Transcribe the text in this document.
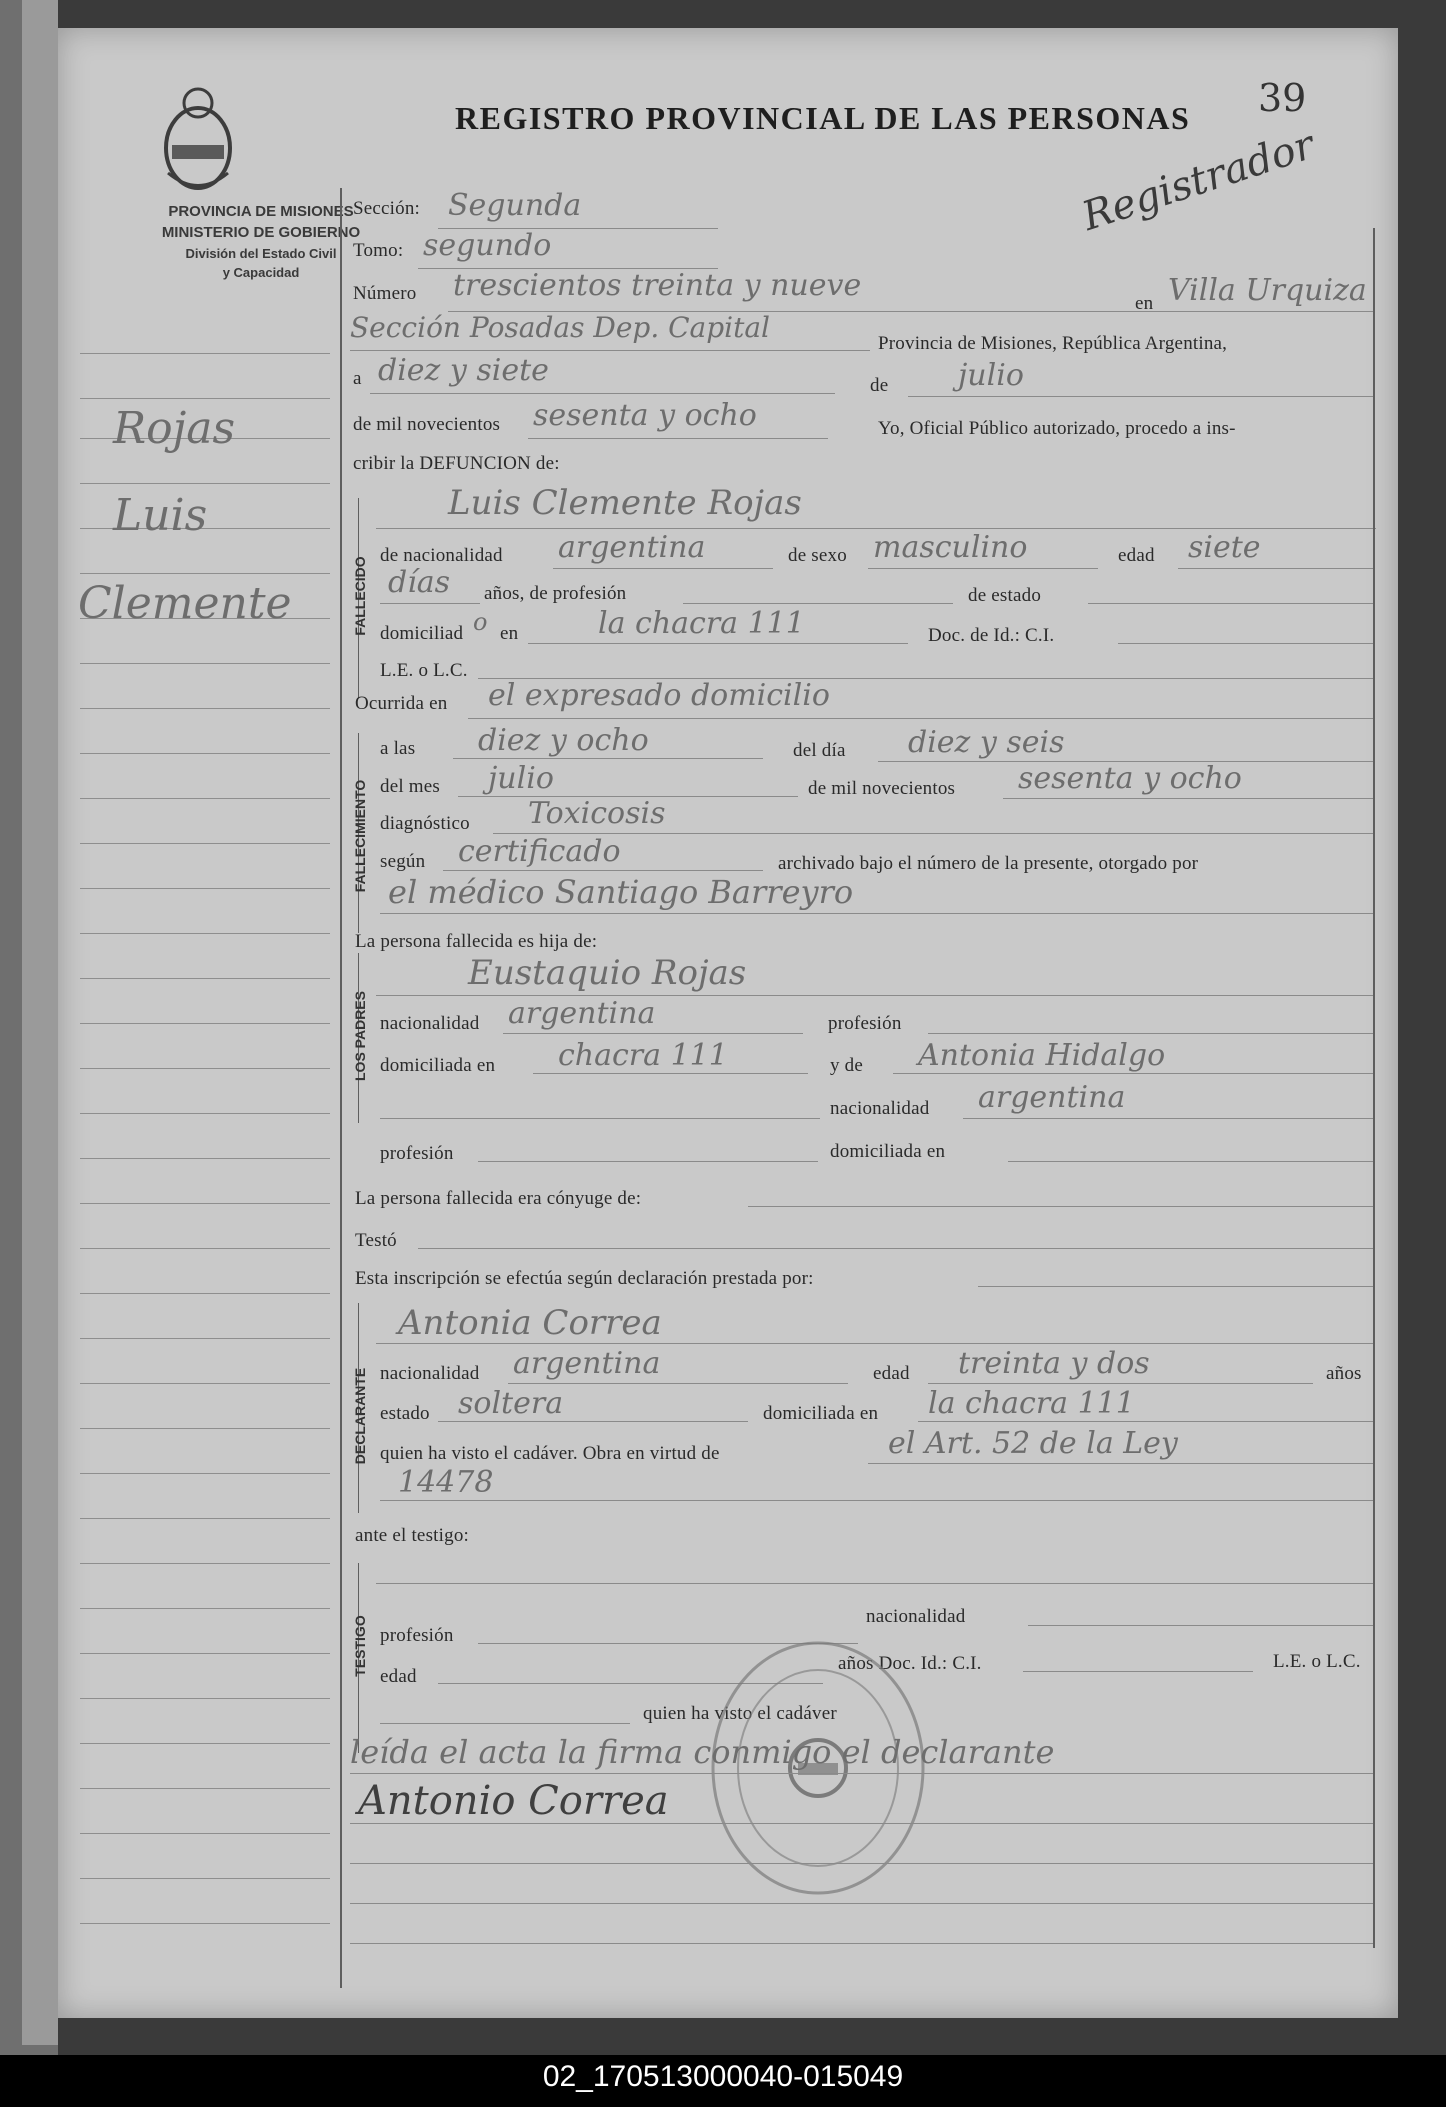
PROVINCIA DE MISIONES
MINISTERIO DE GOBIERNO
División del Estado Civil
y Capacidad
REGISTRO PROVINCIAL DE LAS PERSONAS 39
Registrador
Rojas
Luis
Clemente
Sección: Segunda
Tomo: segundo
Número trescientos treinta y nueve
en Villa Urquiza
Sección Posadas Dep. Capital	Provincia de Misiones, República Argentina,
a diez y siete	de julio
de mil novecientos sesenta y ocho	Yo, Oficial Público autorizado, procedo a ins-
cribir la DEFUNCION de:
FALLECIDO
Luis Clemente Rojas
de nacionalidad argentina	de sexo masculino	edad siete
días años, de profesión	de estado
domiciliad o en	la chacra 111	Doc. de Id.: C.I.
L.E. o L.C.
Ocurrida en el expresado domicilio
FALLECIMIENTO
a las diez y ocho	del día diez y seis
del mes julio	de mil novecientos sesenta y ocho
diagnóstico Toxicosis
según certificado	archivado bajo el número de la presente, otorgado por
el médico Santiago Barreyro
La persona fallecida es hija de:
LOS PADRES
Eustaquio Rojas
nacionalidad argentina	profesión
domiciliada en chacra 111	y de Antonia Hidalgo
nacionalidad argentina
profesión	domiciliada en
La persona fallecida era cónyuge de:
Testó
Esta inscripción se efectúa según declaración prestada por:
DECLARANTE
Antonia Correa
nacionalidad argentina	edad treinta y dos	años
estado soltera	domiciliada en la chacra 111
quien ha visto el cadáver. Obra en virtud de	el Art. 52 de la Ley
14478
ante el testigo:
TESTIGO profesión
nacionalidad
edad
años Doc. Id.: C.I.	L.E. o L.C.
quien ha visto el cadáver
leída el acta la firma conmigo el declarante
Antonio Correa
02_170513000040-015049
